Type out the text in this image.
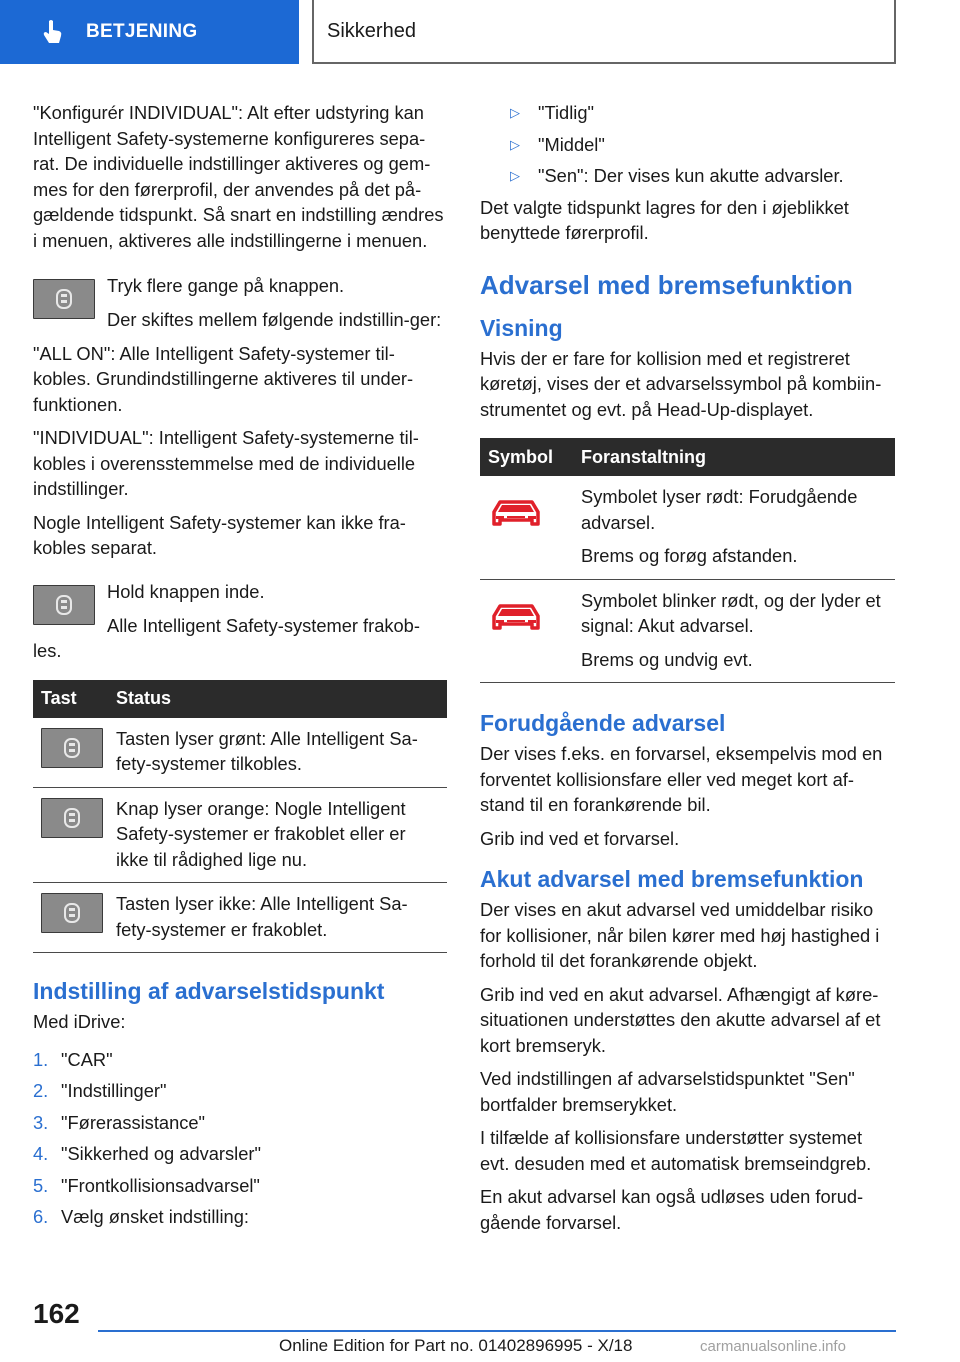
BETJENING	Sikkerhed

"Konfigurér INDIVIDUAL": Alt efter udstyring kan Intelligent Safety-systemerne konfigureres sepa-rat. De individuelle indstillinger aktiveres og gem-mes for den førerprofil, der anvendes på det på-gældende tidspunkt. Så snart en indstilling ændres i menuen, aktiveres alle indstillingerne i menuen.

Tryk flere gange på knappen.

Der skiftes mellem følgende indstillin-ger:

"ALL ON": Alle Intelligent Safety-systemer til-kobles. Grundindstillingerne aktiveres til under-funktionen.

"INDIVIDUAL": Intelligent Safety-systemerne til-kobles i overensstemmelse med de individuelle indstillinger.

Nogle Intelligent Safety-systemer kan ikke fra-kobles separat.

Hold knappen inde.

Alle Intelligent Safety-systemer frakob-les.

Tast	Status

Tasten lyser grønt: Alle Intelligent Sa-fety-systemer tilkobles.

Knap lyser orange: Nogle Intelligent Safety-systemer er frakoblet eller er ikke til rådighed lige nu.

Tasten lyser ikke: Alle Intelligent Sa-fety-systemer er frakoblet.

Indstilling af advarselstidspunkt

Med iDrive:

1. "CAR"
2. "Indstillinger"
3. "Førerassistance"
4. "Sikkerhed og advarsler"
5. "Frontkollisionsadvarsel"
6. Vælg ønsket indstilling:
▷ "Tidlig"
▷ "Middel"
▷ "Sen": Der vises kun akutte advarsler.

Det valgte tidspunkt lagres for den i øjeblikket benyttede førerprofil.

Advarsel med bremsefunktion
Visning

Hvis der er fare for kollision med et registreret køretøj, vises der et advarselssymbol på kombiin-strumentet og evt. på Head-Up-displayet.

Symbol	Foranstaltning

Symbolet lyser rødt: Forudgående advarsel.

Brems og forøg afstanden.

Symbolet blinker rødt, og der lyder et signal: Akut advarsel.

Brems og undvig evt.

Forudgående advarsel

Der vises f.eks. en forvarsel, eksempelvis mod en forventet kollisionsfare eller ved meget kort af-stand til en forankørende bil.

Grib ind ved et forvarsel.

Akut advarsel med bremsefunktion

Der vises en akut advarsel ved umiddelbar risiko for kollisioner, når bilen kører med høj hastighed i forhold til det forankørende objekt.

Grib ind ved en akut advarsel. Afhængigt af køre-situationen understøttes den akutte advarsel af et kort bremseryk.

Ved indstillingen af advarselstidspunktet "Sen" bortfalder bremserykket.

I tilfælde af kollisionsfare understøtter systemet evt. desuden med et automatisk bremseindgreb.

En akut advarsel kan også udløses uden forud-gående forvarsel.

162
Online Edition for Part no. 01402896995 - X/18	carmanualsonline.info
